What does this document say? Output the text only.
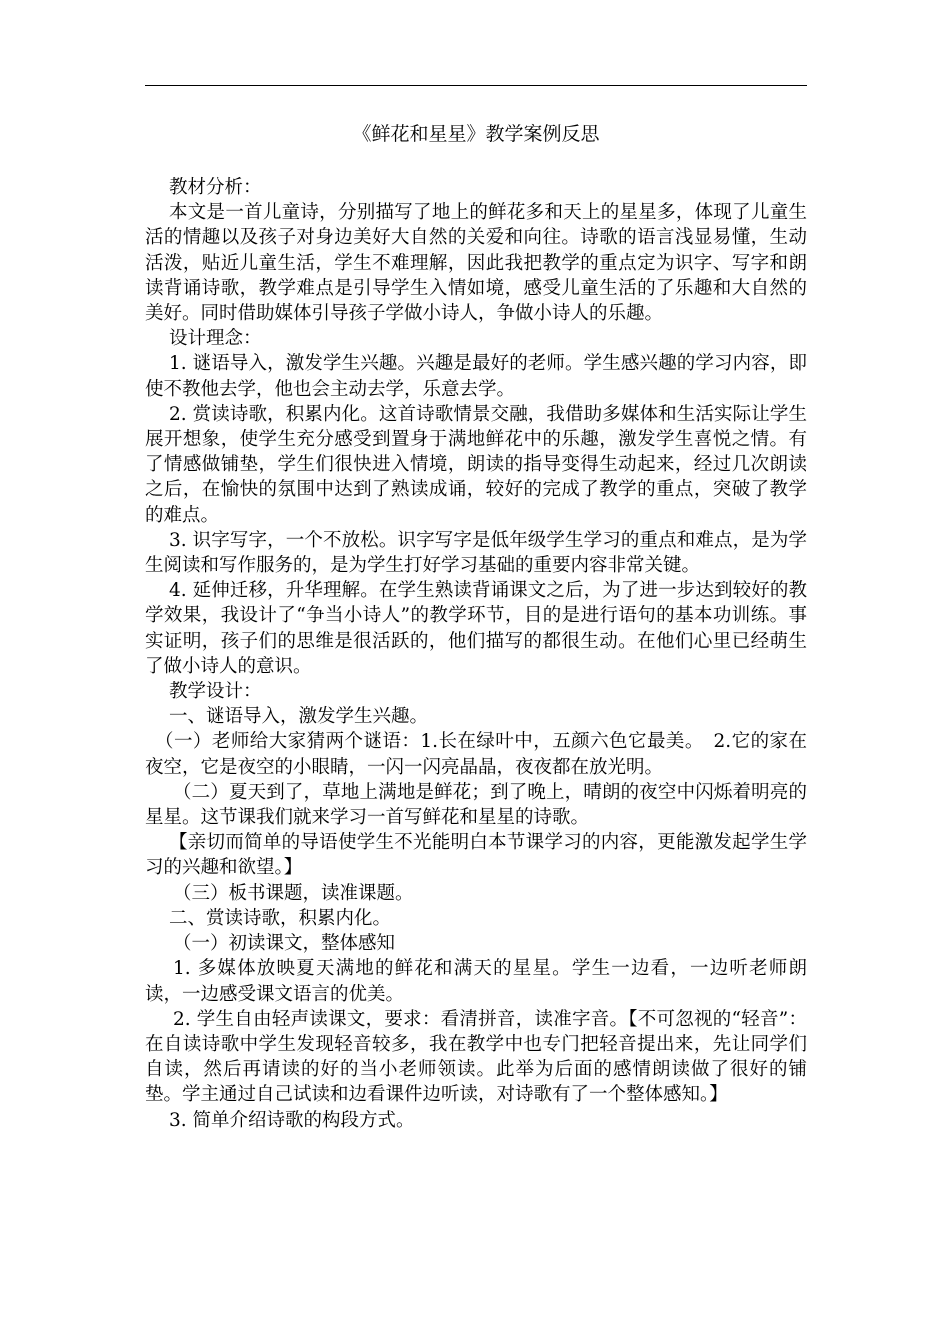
《鲜花和星星》教学案例反思

教材分析：

本文是一首儿童诗，分别描写了地上的鲜花多和天上的星星多，体现了儿童生活的情趣以及孩子对身边美好大自然的关爱和向往。诗歌的语言浅显易懂，生动活泼，贴近儿童生活，学生不难理解，因此我把教学的重点定为识字、写字和朗读背诵诗歌，教学难点是引导学生入情如境，感受儿童生活的了乐趣和大自然的美好。同时借助媒体引导孩子学做小诗人，争做小诗人的乐趣。

设计理念：

1. 谜语导入，激发学生兴趣。兴趣是最好的老师。学生感兴趣的学习内容，即使不教他去学，他也会主动去学，乐意去学。

2. 赏读诗歌，积累内化。这首诗歌情景交融，我借助多媒体和生活实际让学生展开想象，使学生充分感受到置身于满地鲜花中的乐趣，激发学生喜悦之情。有了情感做铺垫，学生们很快进入情境，朗读的指导变得生动起来，经过几次朗读之后，在愉快的氛围中达到了熟读成诵，较好的完成了教学的重点，突破了教学的难点。

3. 识字写字，一个不放松。识字写字是低年级学生学习的重点和难点，是为学生阅读和写作服务的，是为学生打好学习基础的重要内容非常关键。

4. 延伸迁移，升华理解。在学生熟读背诵课文之后，为了进一步达到较好的教学效果，我设计了“争当小诗人”的教学环节，目的是进行语句的基本功训练。事实证明，孩子们的思维是很活跃的，他们描写的都很生动。在他们心里已经萌生了做小诗人的意识。

教学设计：

一、谜语导入，激发学生兴趣。

（一）老师给大家猜两个谜语：1.长在绿叶中，五颜六色它最美。　2.它的家在夜空，它是夜空的小眼睛，一闪一闪亮晶晶，夜夜都在放光明。

（二）夏天到了，草地上满地是鲜花；到了晚上，晴朗的夜空中闪烁着明亮的星星。这节课我们就来学习一首写鲜花和星星的诗歌。

【亲切而简单的导语使学生不光能明白本节课学习的内容，更能激发起学生学习的兴趣和欲望。】

（三）板书课题，读准课题。

二、赏读诗歌，积累内化。

（一）初读课文，整体感知

1. 多媒体放映夏天满地的鲜花和满天的星星。学生一边看，一边听老师朗读，一边感受课文语言的优美。

2. 学生自由轻声读课文，要求：看清拼音，读准字音。【不可忽视的“轻音”：在自读诗歌中学生发现轻音较多，我在教学中也专门把轻音提出来，先让同学们自读，然后再请读的好的当小老师领读。此举为后面的感情朗读做了很好的铺垫。学主通过自己试读和边看课件边听读，对诗歌有了一个整体感知。】

3. 简单介绍诗歌的构段方式。
